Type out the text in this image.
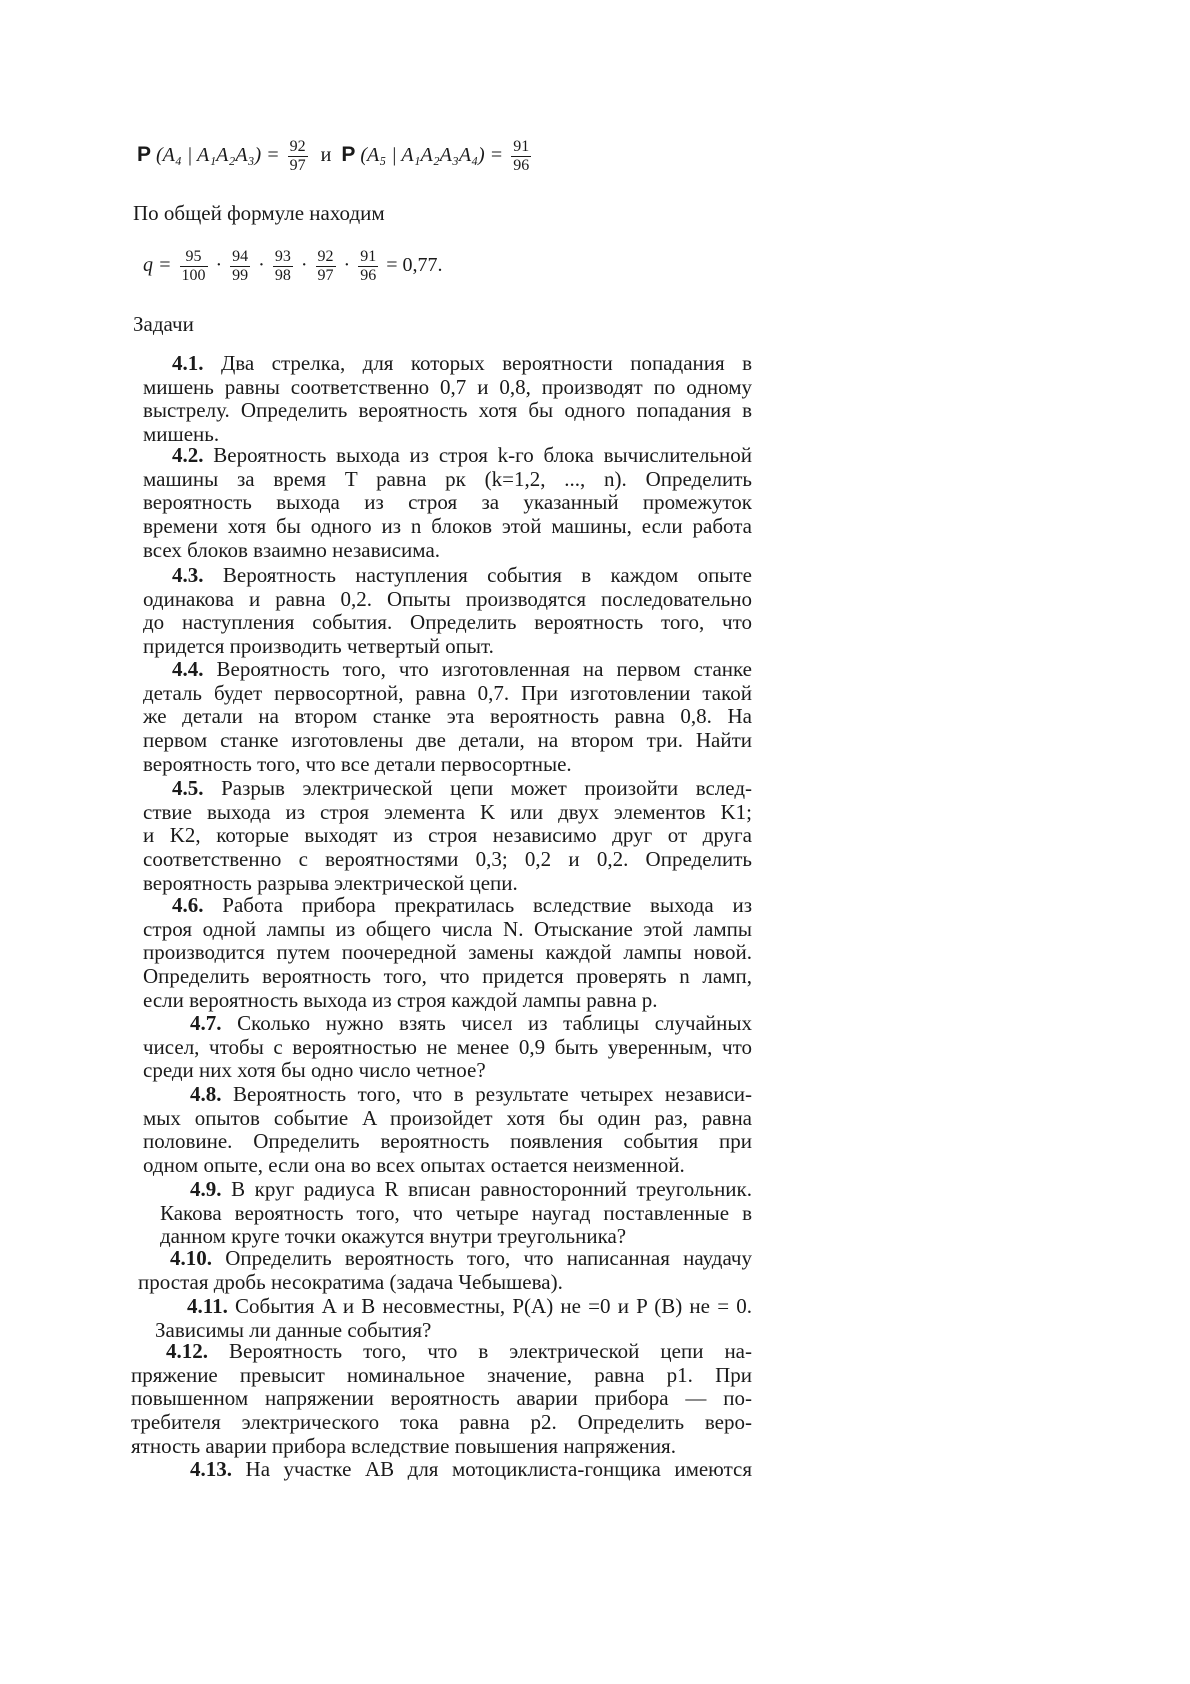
P (A₄ | $A_1A_2A_3) = \frac{92}{97}$ и P (A₅ | $A_1A_2A_3A_4) = \frac{91}{96}$
По общей формуле находим
$q = \frac{95}{100} \cdot \frac{94}{99} \cdot \frac{93}{98} \cdot \frac{92}{97} \cdot \frac{91}{96} = 0,77$.
Задачи
4.1. Два стрелка, для которых вероятности попадания в
мишень равны соответственно 0,7 и 0,8, производят по одному
выстрелу. Определить вероятность хотя бы одного попадания в
мишень.
4.2. Вероятность выхода из строя k-го блока вычислительной
машины за время T равна pк (k=1,2, ..., n). Определить
вероятность выхода из строя за указанный промежуток
времени хотя бы одного из n блоков этой машины, если работа
всех блоков взаимно независима.
4.3. Вероятность наступления события в каждом опыте
одинакова и равна 0,2. Опыты производятся последовательно
до наступления события. Определить вероятность того, что
придется производить четвертый опыт.
4.4. Вероятность того, что изготовленная на первом станке
деталь будет первосортной, равна 0,7. При изготовлении такой
же детали на втором станке эта вероятность равна 0,8. На
первом станке изготовлены две детали, на втором три. Найти
вероятность того, что все детали первосортные.
4.5. Разрыв электрической цепи может произойти вслед-
ствие выхода из строя элемента K или двух элементов K1;
и K2, которые выходят из строя независимо друг от друга
соответственно с вероятностями 0,3; 0,2 и 0,2. Определить
вероятность разрыва электрической цепи.
4.6. Работа прибора прекратилась вследствие выхода из
строя одной лампы из общего числа N. Отыскание этой лампы
производится путем поочередной замены каждой лампы новой.
Определить вероятность того, что придется проверять n ламп,
если вероятность выхода из строя каждой лампы равна p.
4.7. Сколько нужно взять чисел из таблицы случайных
чисел, чтобы с вероятностью не менее 0,9 быть уверенным, что
среди них хотя бы одно число четное?
4.8. Вероятность того, что в результате четырех независи-
мых опытов событие A произойдет хотя бы один раз, равна
половине. Определить вероятность появления события при
одном опыте, если она во всех опытах остается неизменной.
4.9. В круг радиуса R вписан равносторонний треугольник.
Какова вероятность того, что четыре наугад поставленные в
данном круге точки окажутся внутри треугольника?
4.10. Определить вероятность того, что написанная наудачу
простая дробь несократима (задача Чебышева).
4.11. События A и B несовместны, P(A) не =0 и P (B) не = 0.
Зависимы ли данные события?
4.12. Вероятность того, что в электрической цепи на-
пряжение превысит номинальное значение, равна p1. При
повышенном напряжении вероятность аварии прибора — по-
требителя электрического тока равна p2. Определить веро-
ятность аварии прибора вследствие повышения напряжения.
4.13. На участке AB для мотоциклиста-гонщика имеются
